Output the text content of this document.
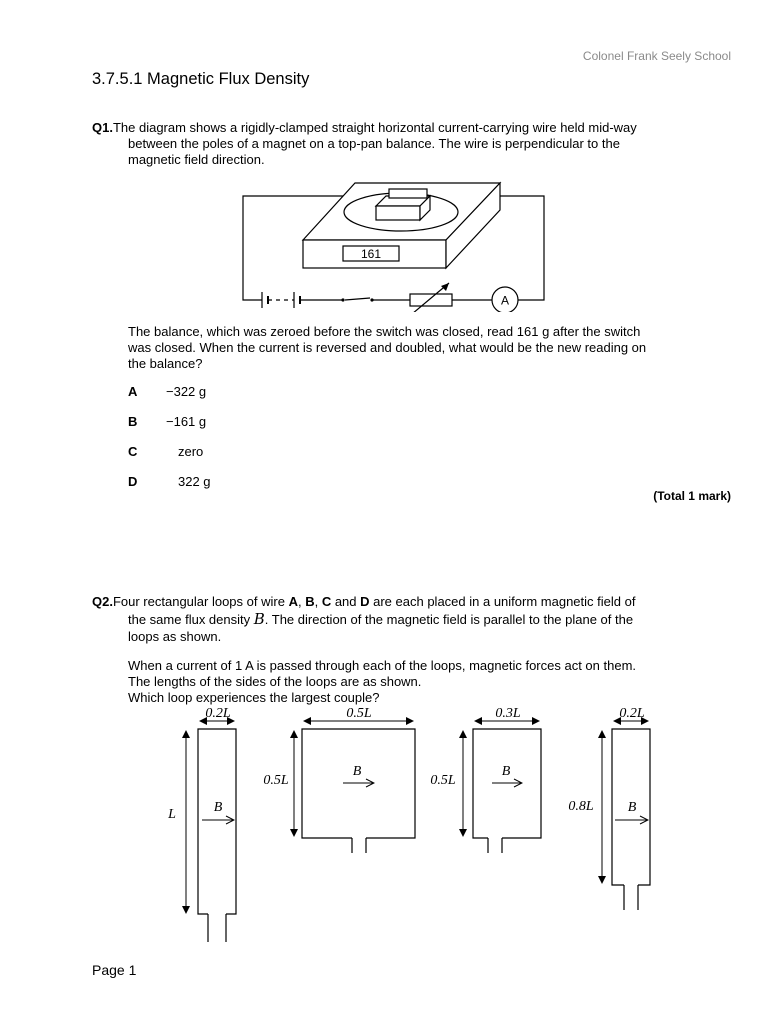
Colonel Frank Seely School
3.7.5.1 Magnetic Flux Density
Q1.The diagram shows a rigidly-clamped straight horizontal current-carrying wire held mid-way
between the poles of a magnet on a top-pan balance. The wire is perpendicular to the
magnetic field direction.
161
A
The balance, which was zeroed before the switch was closed, read 161 g after the switch
was closed. When the current is reversed and doubled, what would be the new reading on
the balance?
A −322 g
B −161 g
C	zero
D	322 g
(Total 1 mark)
Q2.Four rectangular loops of wire A, B, C and D are each placed in a uniform magnetic field of
the same flux density B. The direction of the magnetic field is parallel to the plane of the
loops as shown.
When a current of 1 A is passed through each of the loops, magnetic forces act on them.
The lengths of the sides of the loops are as shown.
Which loop experiences the largest couple?
0.2L
L	B
0.5L
0.5L
B
0.3L
0.5L
B
0.2L
0.8L B
Page 1
